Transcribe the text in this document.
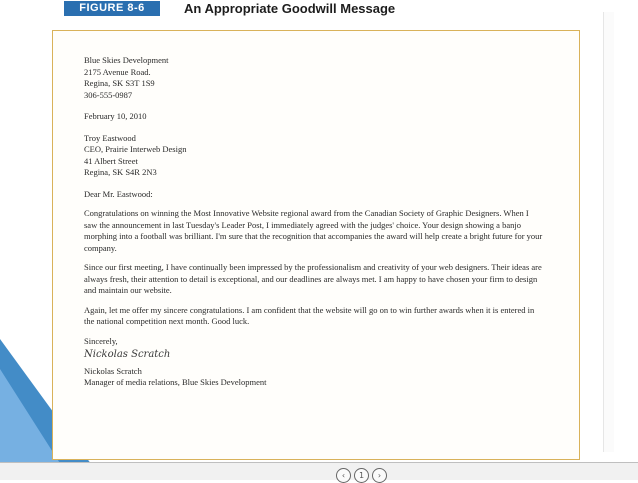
FIGURE 8-6	An Appropriate Goodwill Message
Blue Skies Development
2175 Avenue Road.
Regina, SK S3T 1S9
306-555-0987
February 10, 2010
Troy Eastwood
CEO, Prairie Interweb Design
41 Albert Street
Regina, SK S4R 2N3
Dear Mr. Eastwood:

Congratulations on winning the Most Innovative Website regional award from the Canadian Society of Graphic Designers. When I saw the announcement in last Tuesday's Leader Post, I immediately agreed with the judges' choice. Your design showing a banjo morphing into a football was brilliant. I'm sure that the recognition that accompanies the award will help create a bright future for your company.

Since our first meeting, I have continually been impressed by the professionalism and creativity of your web designers. Their ideas are always fresh, their attention to detail is exceptional, and our deadlines are always met. I am happy to have chosen your firm to design and maintain our website.

Again, let me offer my sincere congratulations. I am confident that the website will go on to win further awards when it is entered in the national competition next month. Good luck.

Sincerely,
Nickolas Scratch
Nickolas Scratch
Manager of media relations, Blue Skies Development
‹ 1 ›
